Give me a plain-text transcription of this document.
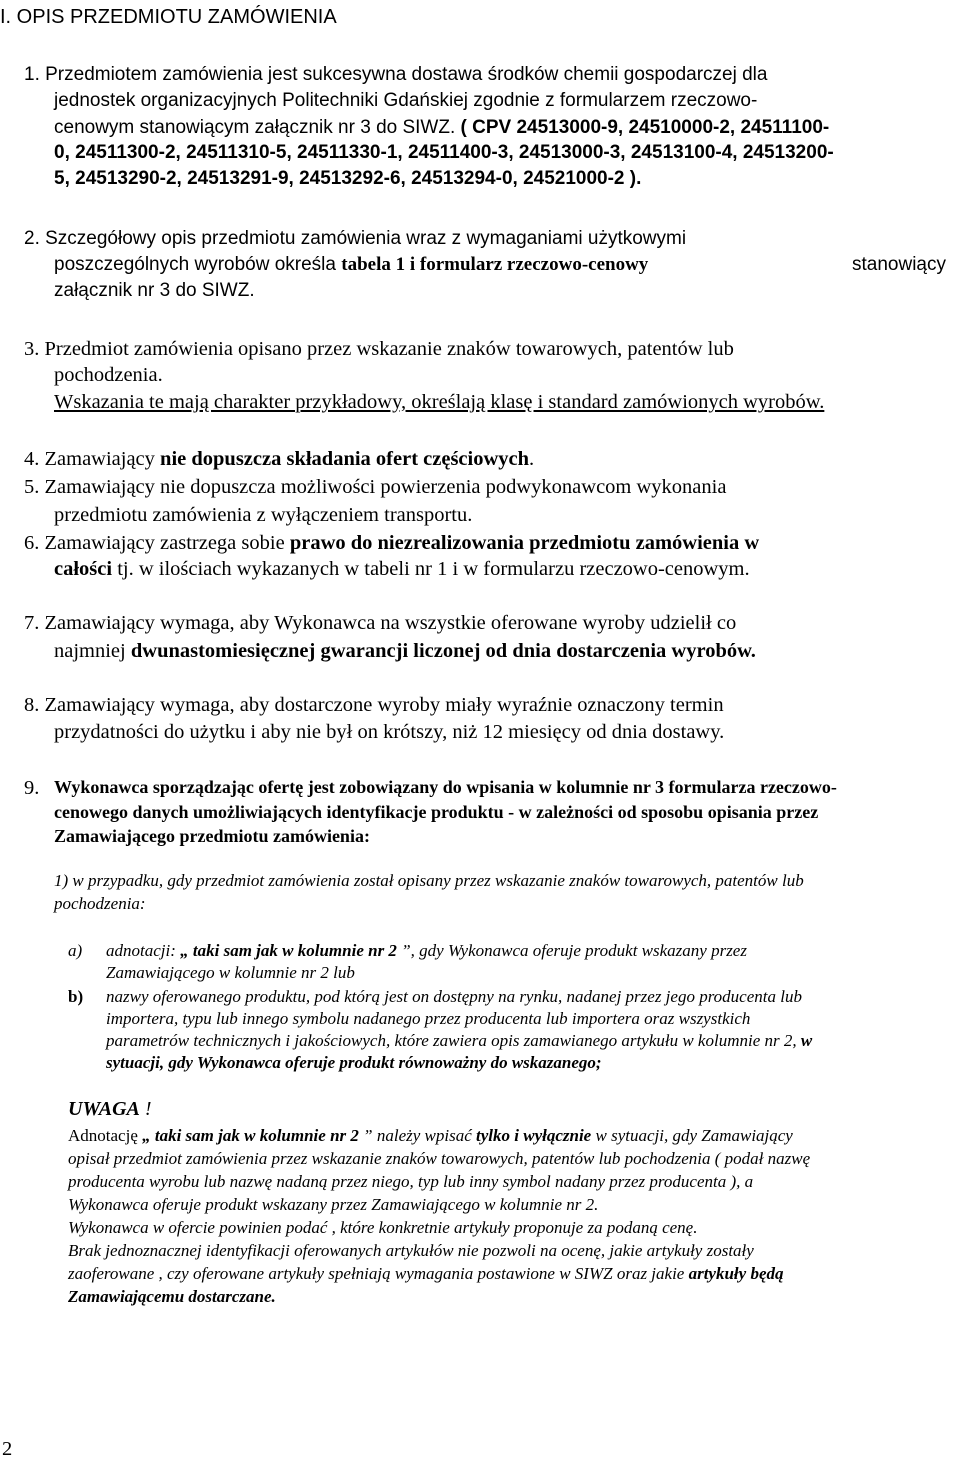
I. OPIS PRZEDMIOTU ZAMÓWIENIA
1. Przedmiotem zamówienia jest sukcesywna dostawa środków chemii gospodarczej dla
jednostek organizacyjnych Politechniki Gdańskiej zgodnie z formularzem rzeczowo-
cenowym stanowiącym załącznik nr 3 do SIWZ. ( CPV 24513000-9, 24510000-2, 24511100-
0, 24511300-2, 24511310-5, 24511330-1, 24511400-3, 24513000-3, 24513100-4, 24513200-
5, 24513290-2, 24513291-9, 24513292-6, 24513294-0, 24521000-2 ).
2. Szczegółowy opis przedmiotu zamówienia wraz z wymaganiami użytkowymi
poszczególnych wyrobów określa tabela 1 i formularz rzeczowo-cenowy	stanowiący
załącznik nr 3 do SIWZ.
3. Przedmiot zamówienia opisano przez wskazanie znaków towarowych, patentów lub
pochodzenia.
Wskazania te mają charakter przykładowy, określają klasę i standard zamówionych wyrobów.
4. Zamawiający nie dopuszcza składania ofert częściowych.
5. Zamawiający nie dopuszcza możliwości powierzenia podwykonawcom wykonania
przedmiotu zamówienia z wyłączeniem transportu.
6. Zamawiający zastrzega sobie prawo do niezrealizowania przedmiotu zamówienia w
całości tj. w ilościach wykazanych w tabeli nr 1 i w formularzu rzeczowo-cenowym.
7. Zamawiający wymaga, aby Wykonawca na wszystkie oferowane wyroby udzielił co
najmniej dwunastomiesięcznej gwarancji liczonej od dnia dostarczenia wyrobów.
8. Zamawiający wymaga, aby dostarczone wyroby miały wyraźnie oznaczony termin
przydatności do użytku i aby nie był on krótszy, niż 12 miesięcy od dnia dostawy.
9. Wykonawca sporządzając ofertę jest zobowiązany do wpisania w kolumnie nr 3 formularza rzeczowo-
cenowego danych umożliwiających identyfikacje produktu - w zależności od sposobu opisania przez
Zamawiającego przedmiotu zamówienia:
1) w przypadku, gdy przedmiot zamówienia został opisany przez wskazanie znaków towarowych, patentów lub
pochodzenia:
a) adnotacji: „ taki sam jak w kolumnie nr 2 ”, gdy Wykonawca oferuje produkt wskazany przez
Zamawiającego w kolumnie nr 2 lub
b) nazwy oferowanego produktu, pod którą jest on dostępny na rynku, nadanej przez jego producenta lub
importera, typu lub innego symbolu nadanego przez producenta lub importera oraz wszystkich
parametrów technicznych i jakościowych, które zawiera opis zamawianego artykułu w kolumnie nr 2, w
sytuacji, gdy Wykonawca oferuje produkt równoważny do wskazanego;
UWAGA !
Adnotację „ taki sam jak w kolumnie nr 2 ” należy wpisać tylko i wyłącznie w sytuacji, gdy Zamawiający
opisał przedmiot zamówienia przez wskazanie znaków towarowych, patentów lub pochodzenia ( podał nazwę
producenta wyrobu lub nazwę nadaną przez niego, typ lub inny symbol nadany przez producenta ), a
Wykonawca oferuje produkt wskazany przez Zamawiającego w kolumnie nr 2.
Wykonawca w ofercie powinien podać , które konkretnie artykuły proponuje za podaną cenę.
Brak jednoznacznej identyfikacji oferowanych artykułów nie pozwoli na ocenę, jakie artykuły zostały
zaoferowane , czy oferowane artykuły spełniają wymagania postawione w SIWZ oraz jakie artykuły będą
Zamawiającemu dostarczane.
2
